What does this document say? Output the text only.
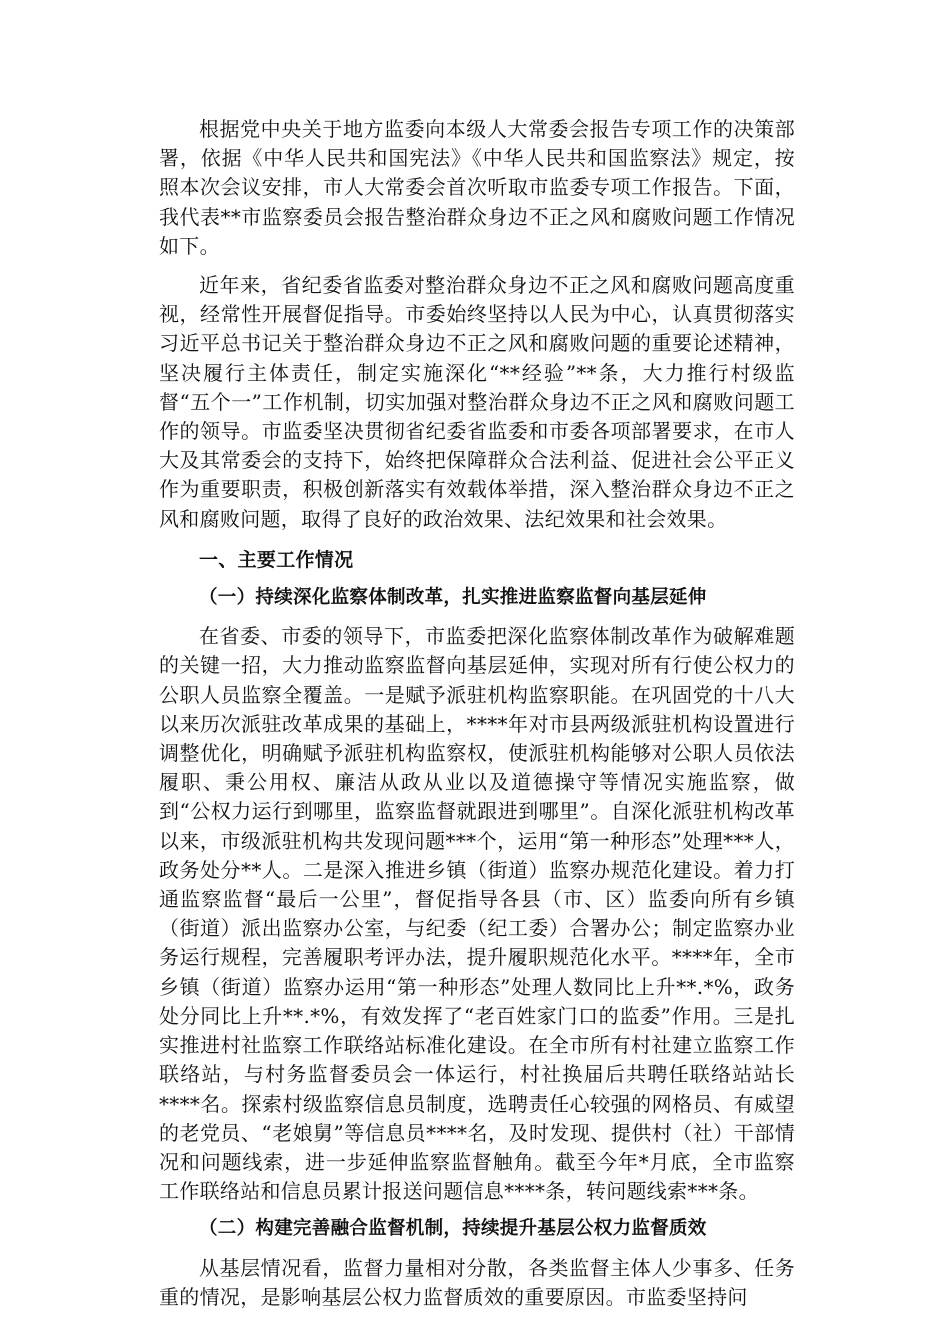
根据党中央关于地方监委向本级人大常委会报告专项工作的决策部署，依据《中华人民共和国宪法》《中华人民共和国监察法》规定，按照本次会议安排，市人大常委会首次听取市监委专项工作报告。下面，我代表**市监察委员会报告整治群众身边不正之风和腐败问题工作情况如下。

近年来，省纪委省监委对整治群众身边不正之风和腐败问题高度重视，经常性开展督促指导。市委始终坚持以人民为中心，认真贯彻落实习近平总书记关于整治群众身边不正之风和腐败问题的重要论述精神，坚决履行主体责任，制定实施深化“**经验”**条，大力推行村级监督“五个一”工作机制，切实加强对整治群众身边不正之风和腐败问题工作的领导。市监委坚决贯彻省纪委省监委和市委各项部署要求，在市人大及其常委会的支持下，始终把保障群众合法利益、促进社会公平正义作为重要职责，积极创新落实有效载体举措，深入整治群众身边不正之风和腐败问题，取得了良好的政治效果、法纪效果和社会效果。

一、主要工作情况

（一）持续深化监察体制改革，扎实推进监察监督向基层延伸

在省委、市委的领导下，市监委把深化监察体制改革作为破解难题的关键一招，大力推动监察监督向基层延伸，实现对所有行使公权力的公职人员监察全覆盖。一是赋予派驻机构监察职能。在巩固党的十八大以来历次派驻改革成果的基础上，****年对市县两级派驻机构设置进行调整优化，明确赋予派驻机构监察权，使派驻机构能够对公职人员依法履职、秉公用权、廉洁从政从业以及道德操守等情况实施监察，做到“公权力运行到哪里，监察监督就跟进到哪里”。自深化派驻机构改革以来，市级派驻机构共发现问题***个，运用“第一种形态”处理***人，政务处分**人。二是深入推进乡镇（街道）监察办规范化建设。着力打通监察监督“最后一公里”，督促指导各县（市、区）监委向所有乡镇（街道）派出监察办公室，与纪委（纪工委）合署办公；制定监察办业务运行规程，完善履职考评办法，提升履职规范化水平。****年，全市乡镇（街道）监察办运用“第一种形态”处理人数同比上升**.*%，政务处分同比上升**.*%，有效发挥了“老百姓家门口的监委”作用。三是扎实推进村社监察工作联络站标准化建设。在全市所有村社建立监察工作联络站，与村务监督委员会一体运行，村社换届后共聘任联络站站长****名。探索村级监察信息员制度，选聘责任心较强的网格员、有威望的老党员、“老娘舅”等信息员****名，及时发现、提供村（社）干部情况和问题线索，进一步延伸监察监督触角。截至今年*月底，全市监察工作联络站和信息员累计报送问题信息****条，转问题线索***条。

（二）构建完善融合监督机制，持续提升基层公权力监督质效

从基层情况看，监督力量相对分散，各类监督主体人少事多、任务重的情况，是影响基层公权力监督质效的重要原因。市监委坚持问
